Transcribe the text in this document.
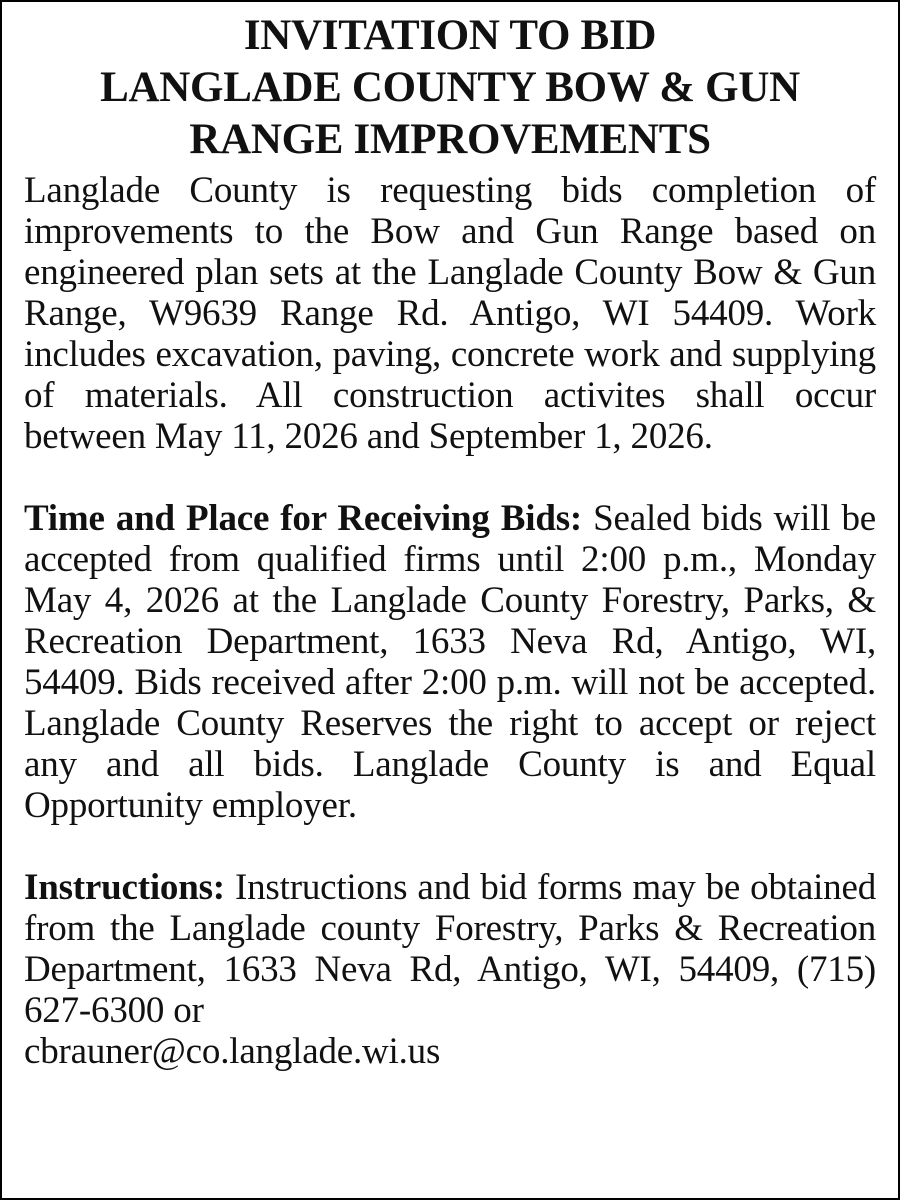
INVITATION TO BID
LANGLADE COUNTY BOW & GUN
RANGE IMPROVEMENTS

Langlade County is requesting bids completion of improvements to the Bow and Gun Range based on engineered plan sets at the Langlade County Bow & Gun Range, W9639 Range Rd. Antigo, WI 54409. Work includes excavation, paving, concrete work and supplying of materials. All construction activites shall occur between May 11, 2026 and September 1, 2026.

Time and Place for Receiving Bids: Sealed bids will be accepted from qualified firms until 2:00 p.m., Monday May 4, 2026 at the Langlade County Forestry, Parks, & Recreation Department, 1633 Neva Rd, Antigo, WI, 54409. Bids received after 2:00 p.m. will not be accepted. Langlade County Reserves the right to accept or reject any and all bids. Langlade County is and Equal Opportunity employer.

Instructions: Instructions and bid forms may be obtained from the Langlade county Forestry, Parks & Recreation Department, 1633 Neva Rd, Antigo, WI, 54409, (715) 627-6300 or
cbrauner@co.langlade.wi.us
